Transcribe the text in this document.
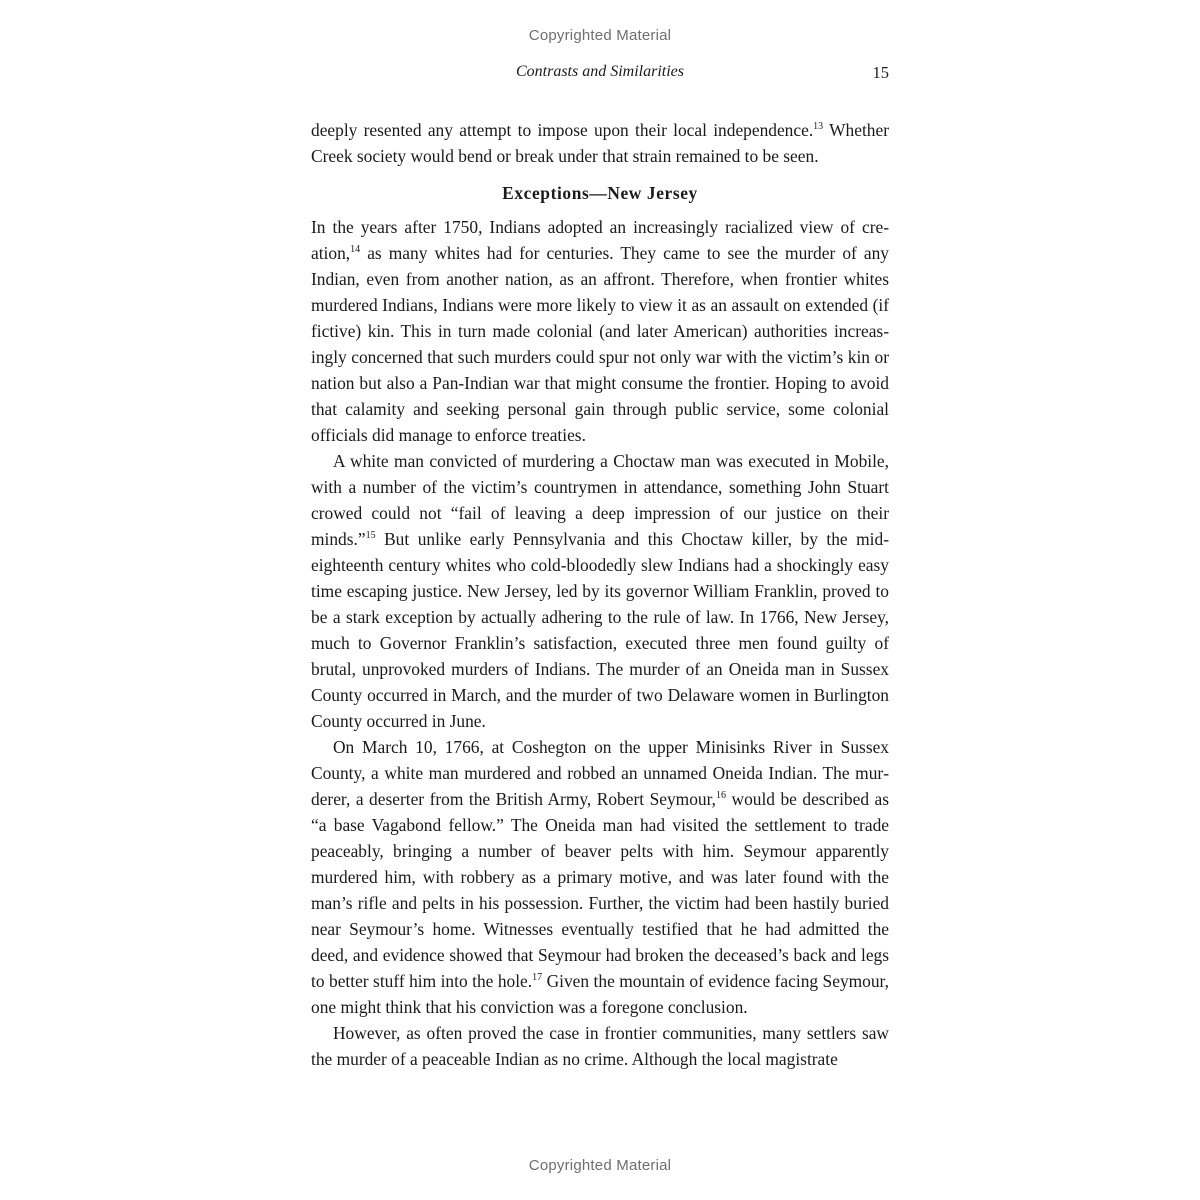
Copyrighted Material
Contrasts and Similarities	15

deeply resented any attempt to impose upon their local independence.$^{13}$ Whether Creek society would bend or break under that strain remained to be seen.

Exceptions—New Jersey

In the years after 1750, Indians adopted an increasingly racialized view of creation,$^{14}$ as many whites had for centuries. They came to see the murder of any Indian, even from another nation, as an affront. Therefore, when frontier whites murdered Indians, Indians were more likely to view it as an assault on extended (if fictive) kin. This in turn made colonial (and later American) authorities increasingly concerned that such murders could spur not only war with the victim’s kin or nation but also a Pan-Indian war that might consume the frontier. Hoping to avoid that calamity and seeking personal gain through public service, some colonial officials did manage to enforce treaties.

A white man convicted of murdering a Choctaw man was executed in Mobile, with a number of the victim’s countrymen in attendance, something John Stuart crowed could not “fail of leaving a deep impression of our justice on their minds.”$^{15}$ But unlike early Pennsylvania and this Choctaw killer, by the mid-eighteenth century whites who cold-bloodedly slew Indians had a shockingly easy time escaping justice. New Jersey, led by its governor William Franklin, proved to be a stark exception by actually adhering to the rule of law. In 1766, New Jersey, much to Governor Franklin’s satisfaction, executed three men found guilty of brutal, unprovoked murders of Indians. The murder of an Oneida man in Sussex County occurred in March, and the murder of two Delaware women in Burlington County occurred in June.

On March 10, 1766, at Coshegton on the upper Minisinks River in Sussex County, a white man murdered and robbed an unnamed Oneida Indian. The murderer, a deserter from the British Army, Robert Seymour,$^{16}$ would be described as “a base Vagabond fellow.” The Oneida man had visited the settlement to trade peaceably, bringing a number of beaver pelts with him. Seymour apparently murdered him, with robbery as a primary motive, and was later found with the man’s rifle and pelts in his possession. Further, the victim had been hastily buried near Seymour’s home. Witnesses eventually testified that he had admitted the deed, and evidence showed that Seymour had broken the deceased’s back and legs to better stuff him into the hole.$^{17}$ Given the mountain of evidence facing Seymour, one might think that his conviction was a foregone conclusion.

However, as often proved the case in frontier communities, many settlers saw the murder of a peaceable Indian as no crime. Although the local magistrate

Copyrighted Material
